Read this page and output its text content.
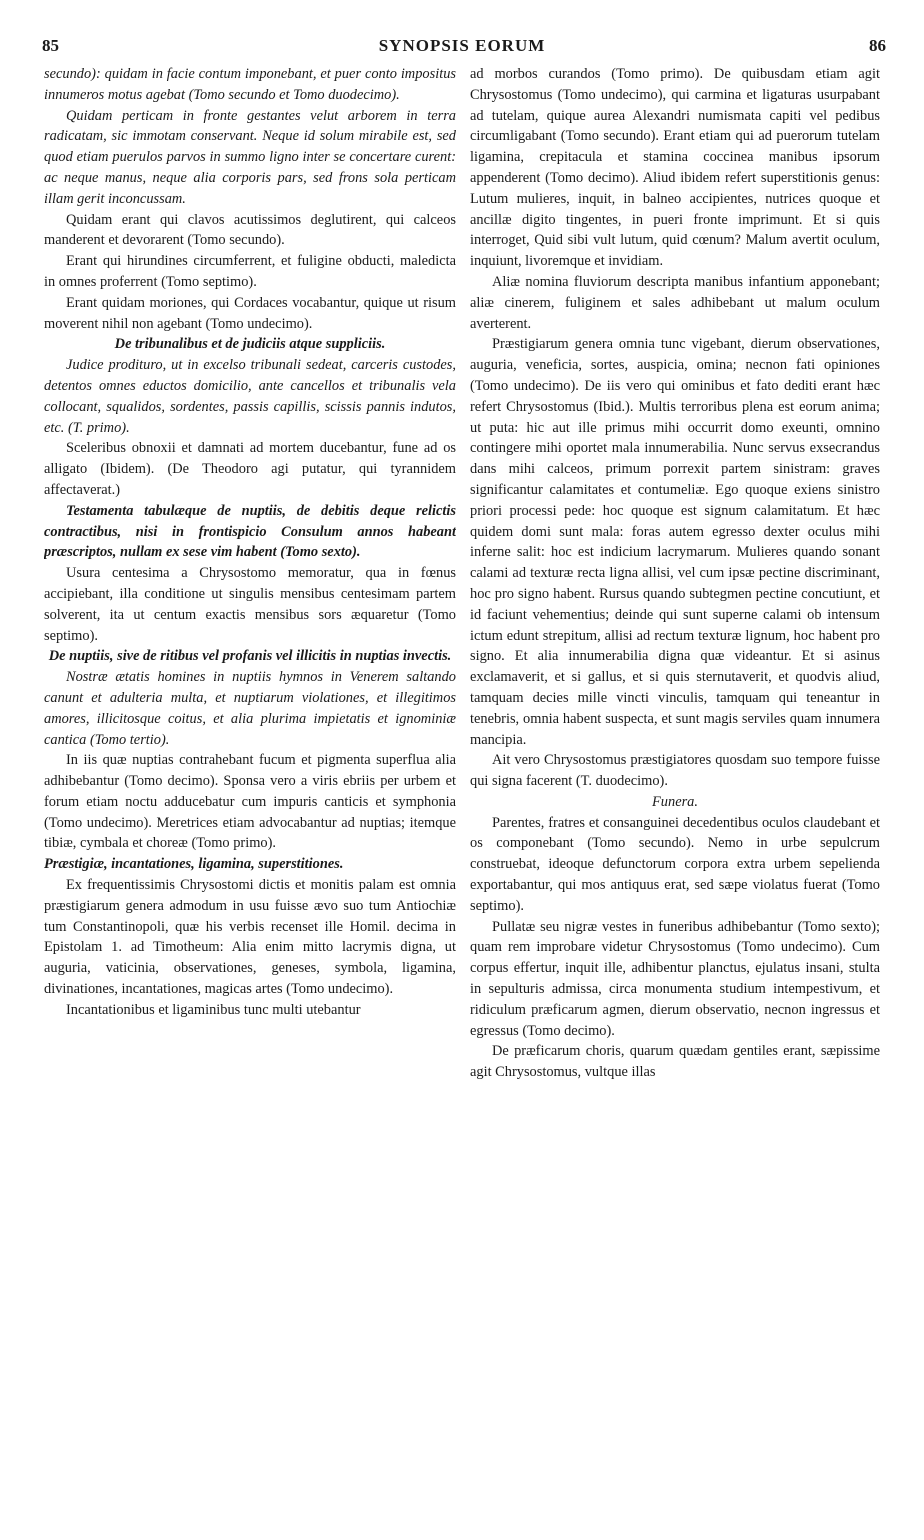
85	SYNOPSIS EORUM	86

secundo): quidam in facie contum imponebant, et puer conto impositus innumeros motus agebat (Tomo secundo et Tomo duodecimo).

Quidam perticam in fronte gestantes velut arborem in terra radicatam, sic immotam conservant. Neque id solum mirabile est, sed quod etiam puerulos parvos in summo ligno inter se concertare curent: ac neque manus, neque alia corporis pars, sed frons sola perticam illam gerit inconcussam.

Quidam erant qui clavos acutissimos deglutirent, qui calceos manderent et devorarent (Tomo secundo).

Erant qui hirundines circumferrent, et fuligine obducti, maledicta in omnes proferrent (Tomo septimo).

Erant quidam moriones, qui Cordaces vocabantur, quique ut risum moverent nihil non agebant (Tomo undecimo).

De tribunalibus et de judiciis atque suppliciis.

Judice prodituro, ut in excelso tribunali sedeat, carceris custodes, detentos omnes eductos domicilio, ante cancellos et tribunalis vela collocant, squalidos, sordentes, passis capillis, scissis pannis indutos, etc. (T. primo).

Sceleribus obnoxii et damnati ad mortem ducebantur, fune ad os alligato (Ibidem). (De Theodoro agi putatur, qui tyrannidem affectaverat.)

Testamenta tabulæque de nuptiis, de debitis deque relictis contractibus, nisi in frontispicio Consulum annos habeant præscriptos, nullam ex sese vim habent (Tomo sexto).

Usura centesima a Chrysostomo memoratur, qua in fœnus accipiebant, illa conditione ut singulis mensibus centesimam partem solverent, ita ut centum exactis mensibus sors æquaretur (Tomo septimo).

De nuptiis, sive de ritibus vel profanis vel illicitis in nuptias invectis.

Nostræ ætatis homines in nuptiis hymnos in Venerem saltando canunt et adulteria multa, et nuptiarum violationes, et illegitimos amores, illicitosque coitus, et alia plurima impietatis et ignominiæ cantica (Tomo tertio).

In iis quæ nuptias contrahebant fucum et pigmenta superflua alia adhibebantur (Tomo decimo). Sponsa vero a viris ebriis per urbem et forum etiam noctu adducebatur cum impuris canticis et symphonia (Tomo undecimo). Meretrices etiam advocabantur ad nuptias; itemque tibiæ, cymbala et choreæ (Tomo primo).

Præstigiæ, incantationes, ligamina, superstitiones.

Ex frequentissimis Chrysostomi dictis et monitis palam est omnia præstigiarum genera admodum in usu fuisse ævo suo tum Antiochiæ tum Constantinopoli, quæ his verbis recenset ille Homil. decima in Epistolam 1. ad Timotheum: Alia enim mitto lacrymis digna, ut auguria, vaticinia, observationes, geneses, symbola, ligamina, divinationes, incantationes, magicas artes (Tomo undecimo).

Incantationibus et ligaminibus tunc multi utebantur

ad morbos curandos (Tomo primo). De quibusdam etiam agit Chrysostomus (Tomo undecimo), qui carmina et ligaturas usurpabant ad tutelam, quique aurea Alexandri numismata capiti vel pedibus circumligabant (Tomo secundo). Erant etiam qui ad puerorum tutelam ligamina, crepitacula et stamina coccinea manibus ipsorum appenderent (Tomo decimo). Aliud ibidem refert superstitionis genus: Lutum mulieres, inquit, in balneo accipientes, nutrices quoque et ancillæ digito tingentes, in pueri fronte imprimunt. Et si quis interroget, Quid sibi vult lutum, quid cœnum? Malum avertit oculum, inquiunt, livoremque et invidiam.

Aliæ nomina fluviorum descripta manibus infantium apponebant; aliæ cinerem, fuliginem et sales adhibebant ut malum oculum averterent.

Præstigiarum genera omnia tunc vigebant, dierum observationes, auguria, veneficia, sortes, auspicia, omina; necnon fati opiniones (Tomo undecimo). De iis vero qui ominibus et fato dediti erant hæc refert Chrysostomus (Ibid.). Multis terroribus plena est eorum anima; ut puta: hic aut ille primus mihi occurrit domo exeunti, omnino contingere mihi oportet mala innumerabilia. Nunc servus exsecrandus dans mihi calceos, primum porrexit partem sinistram: graves significantur calamitates et contumeliæ. Ego quoque exiens sinistro priori processi pede: hoc quoque est signum calamitatum. Et hæc quidem domi sunt mala: foras autem egresso dexter oculus mihi inferne salit: hoc est indicium lacrymarum. Mulieres quando sonant calami ad texturæ recta ligna allisi, vel cum ipsæ pectine discriminant, hoc pro signo habent. Rursus quando subtegmen pectine concutiunt, et id faciunt vehementius; deinde qui sunt superne calami ob intensum ictum edunt strepitum, allisi ad rectum texturæ lignum, hoc habent pro signo. Et alia innumerabilia digna quæ videantur. Et si asinus exclamaverit, et si gallus, et si quis sternutaverit, et quodvis aliud, tamquam decies mille vincti vinculis, tamquam qui teneantur in tenebris, omnia habent suspecta, et sunt magis serviles quam innumera mancipia.

Ait vero Chrysostomus præstigiatores quosdam suo tempore fuisse qui signa facerent (T. duodecimo).

Funera.

Parentes, fratres et consanguinei decedentibus oculos claudebant et os componebant (Tomo secundo). Nemo in urbe sepulcrum construebat, ideoque defunctorum corpora extra urbem sepelienda exportabantur, qui mos antiquus erat, sed sæpe violatus fuerat (Tomo septimo).

Pullatæ seu nigræ vestes in funeribus adhibebantur (Tomo sexto); quam rem improbare videtur Chrysostomus (Tomo undecimo). Cum corpus effertur, inquit ille, adhibentur planctus, ejulatus insani, stulta in sepulturis admissa, circa monumenta studium intempestivum, et ridiculum præficarum agmen, dierum observatio, necnon ingressus et egressus (Tomo decimo).

De præficarum choris, quarum quædam gentiles erant, sæpissime agit Chrysostomus, vultque illas
